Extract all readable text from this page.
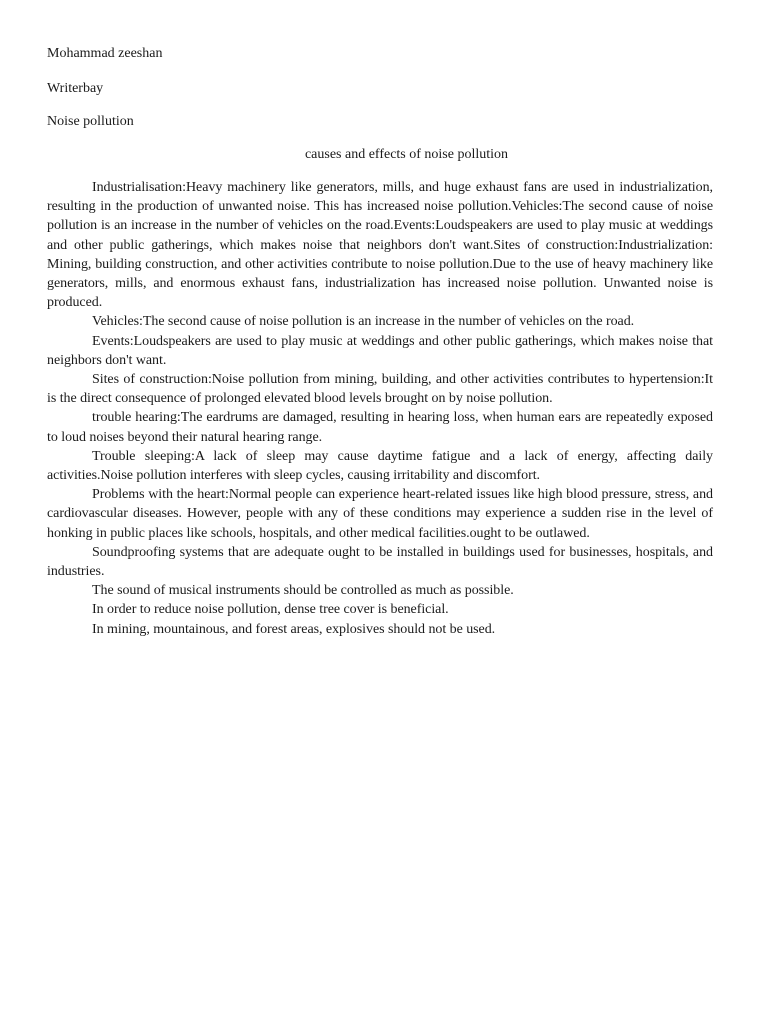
Mohammad zeeshan

Writerbay

Noise pollution

causes and effects of noise pollution

Industrialisation:Heavy machinery like generators, mills, and huge exhaust fans are used in industrialization, resulting in the production of unwanted noise. This has increased noise pollution.Vehicles:The second cause of noise pollution is an increase in the number of vehicles on the road.Events:Loudspeakers are used to play music at weddings and other public gatherings, which makes noise that neighbors don't want.Sites of construction:Industrialization: Mining, building construction, and other activities contribute to noise pollution.Due to the use of heavy machinery like generators, mills, and enormous exhaust fans, industrialization has increased noise pollution. Unwanted noise is produced.

Vehicles:The second cause of noise pollution is an increase in the number of vehicles on the road.

Events:Loudspeakers are used to play music at weddings and other public gatherings, which makes noise that neighbors don't want.

Sites of construction:Noise pollution from mining, building, and other activities contributes to hypertension:It is the direct consequence of prolonged elevated blood levels brought on by noise pollution.

trouble hearing:The eardrums are damaged, resulting in hearing loss, when human ears are repeatedly exposed to loud noises beyond their natural hearing range.

Trouble sleeping:A lack of sleep may cause daytime fatigue and a lack of energy, affecting daily activities.Noise pollution interferes with sleep cycles, causing irritability and discomfort.

Problems with the heart:Normal people can experience heart-related issues like high blood pressure, stress, and cardiovascular diseases. However, people with any of these conditions may experience a sudden rise in the level of honking in public places like schools, hospitals, and other medical facilities.ought to be outlawed.

Soundproofing systems that are adequate ought to be installed in buildings used for businesses, hospitals, and industries.

The sound of musical instruments should be controlled as much as possible.

In order to reduce noise pollution, dense tree cover is beneficial.

In mining, mountainous, and forest areas, explosives should not be used.
